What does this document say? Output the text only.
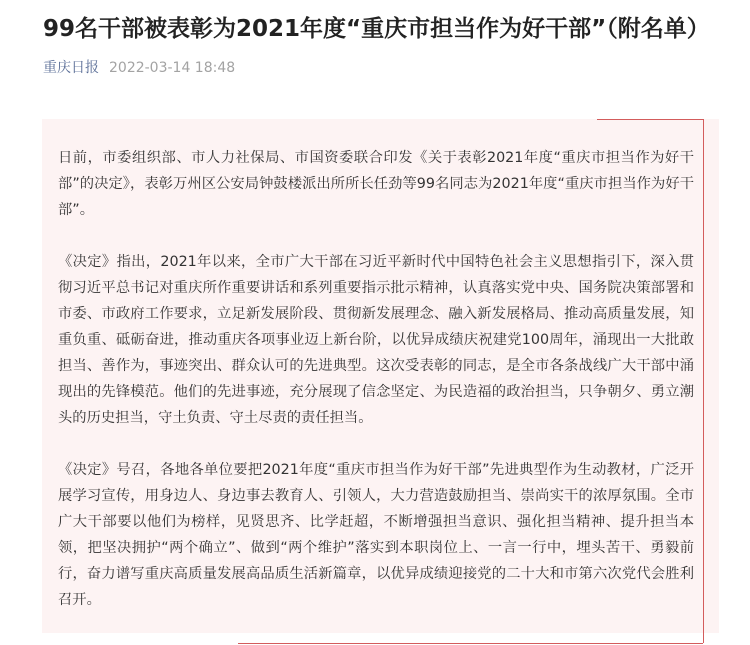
99名干部被表彰为2021年度“重庆市担当作为好干部”（附名单）
重庆日报 2022-03-14 18:48

日前，市委组织部、市人力社保局、市国资委联合印发《关于表彰2021年度“重庆市担当作为好干部”的决定》，表彰万州区公安局钟鼓楼派出所所长任劲等99名同志为2021年度“重庆市担当作为好干部”。

《决定》指出，2021年以来，全市广大干部在习近平新时代中国特色社会主义思想指引下，深入贯彻习近平总书记对重庆所作重要讲话和系列重要指示批示精神，认真落实党中央、国务院决策部署和市委、市政府工作要求，立足新发展阶段、贯彻新发展理念、融入新发展格局、推动高质量发展，知重负重、砥砺奋进，推动重庆各项事业迈上新台阶，以优异成绩庆祝建党100周年，涌现出一大批敢担当、善作为，事迹突出、群众认可的先进典型。这次受表彰的同志，是全市各条战线广大干部中涌现出的先锋模范。他们的先进事迹，充分展现了信念坚定、为民造福的政治担当，只争朝夕、勇立潮头的历史担当，守土负责、守土尽责的责任担当。

《决定》号召，各地各单位要把2021年度“重庆市担当作为好干部”先进典型作为生动教材，广泛开展学习宣传，用身边人、身边事去教育人、引领人，大力营造鼓励担当、崇尚实干的浓厚氛围。全市广大干部要以他们为榜样，见贤思齐、比学赶超，不断增强担当意识、强化担当精神、提升担当本领，把坚决拥护“两个确立”、做到“两个维护”落实到本职岗位上、一言一行中，埋头苦干、勇毅前行，奋力谱写重庆高质量发展高品质生活新篇章，以优异成绩迎接党的二十大和市第六次党代会胜利召开。
